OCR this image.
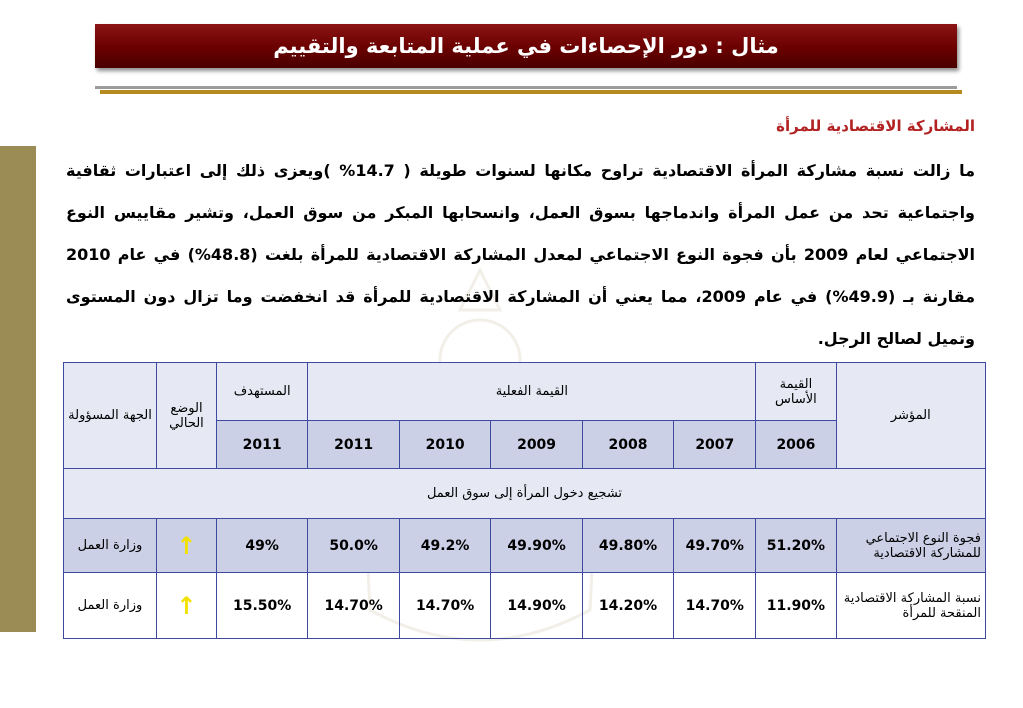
مثال : دور الإحصاءات في عملية المتابعة والتقييم
المشاركة الاقتصادية للمرأة
ما زالت نسبة مشاركة المرأة الاقتصادية تراوح مكانها لسنوات طويلة ( 14.7% )ويعزى ذلك إلى اعتبارات ثقافية واجتماعية تحد من عمل المرأة واندماجها بسوق العمل، وانسحابها المبكر من سوق العمل، وتشير مقاييس النوع الاجتماعي لعام 2009 بأن فجوة النوع الاجتماعي لمعدل المشاركة الاقتصادية للمرأة بلغت (48.8%) في عام 2010 مقارنة بـ (49.9%) في عام 2009، مما يعني أن المشاركة الاقتصادية للمرأة قد انخفضت وما تزال دون المستوى وتميل لصالح الرجل.
المؤشر	القيمة الأساس	القيمة الفعلية					المستهدف	الوضع الحالي	الجهة المسؤولة
	2006	2007	2008	2009	2010	2011	2011		
تشجيع دخول المرأة إلى سوق العمل									
فجوة النوع الاجتماعي للمشاركة الاقتصادية	51.20%	49.70%	49.80%	49.90%	49.2%	50.0%	49%	↑	وزارة العمل
نسبة المشاركة الاقتصادية المنقحة للمرأة	11.90%	14.70%	14.20%	14.90%	14.70%	14.70%	15.50%	↑	وزارة العمل
